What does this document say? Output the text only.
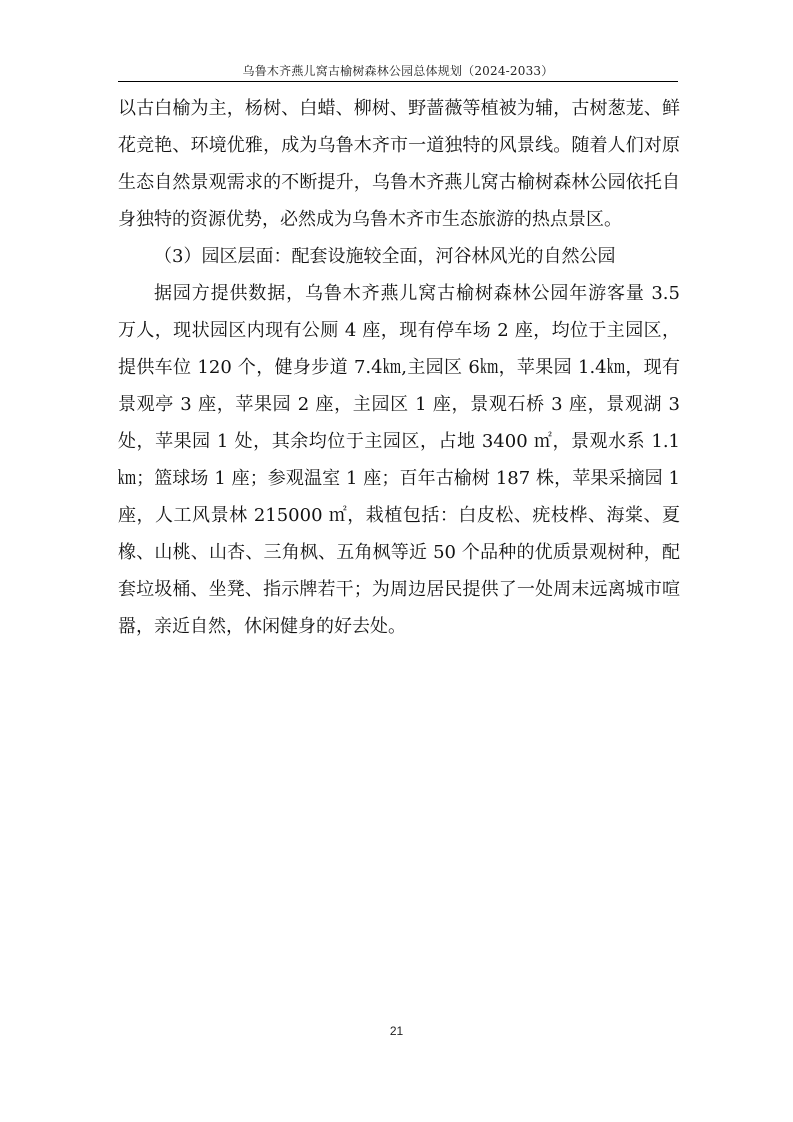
乌鲁木齐燕儿窝古榆树森林公园总体规划（2024-2033）

以古白榆为主，杨树、白蜡、柳树、野蔷薇等植被为辅，古树葱茏、鲜花竞艳、环境优雅，成为乌鲁木齐市一道独特的风景线。随着人们对原生态自然景观需求的不断提升，乌鲁木齐燕儿窝古榆树森林公园依托自身独特的资源优势，必然成为乌鲁木齐市生态旅游的热点景区。

（3）园区层面：配套设施较全面，河谷林风光的自然公园

据园方提供数据，乌鲁木齐燕儿窝古榆树森林公园年游客量 3.5 万人，现状园区内现有公厕 4 座，现有停车场 2 座，均位于主园区，提供车位 120 个，健身步道 7.4㎞,主园区 6㎞，苹果园 1.4㎞，现有景观亭 3 座，苹果园 2 座，主园区 1 座，景观石桥 3 座，景观湖 3 处，苹果园 1 处，其余均位于主园区，占地 3400 ㎡，景观水系 1.1㎞；篮球场 1 座；参观温室 1 座；百年古榆树 187 株，苹果采摘园 1 座，人工风景林 215000 ㎡，栽植包括：白皮松、疣枝桦、海棠、夏橡、山桃、山杏、三角枫、五角枫等近 50 个品种的优质景观树种，配套垃圾桶、坐凳、指示牌若干；为周边居民提供了一处周末远离城市喧嚣，亲近自然，休闲健身的好去处。

21
